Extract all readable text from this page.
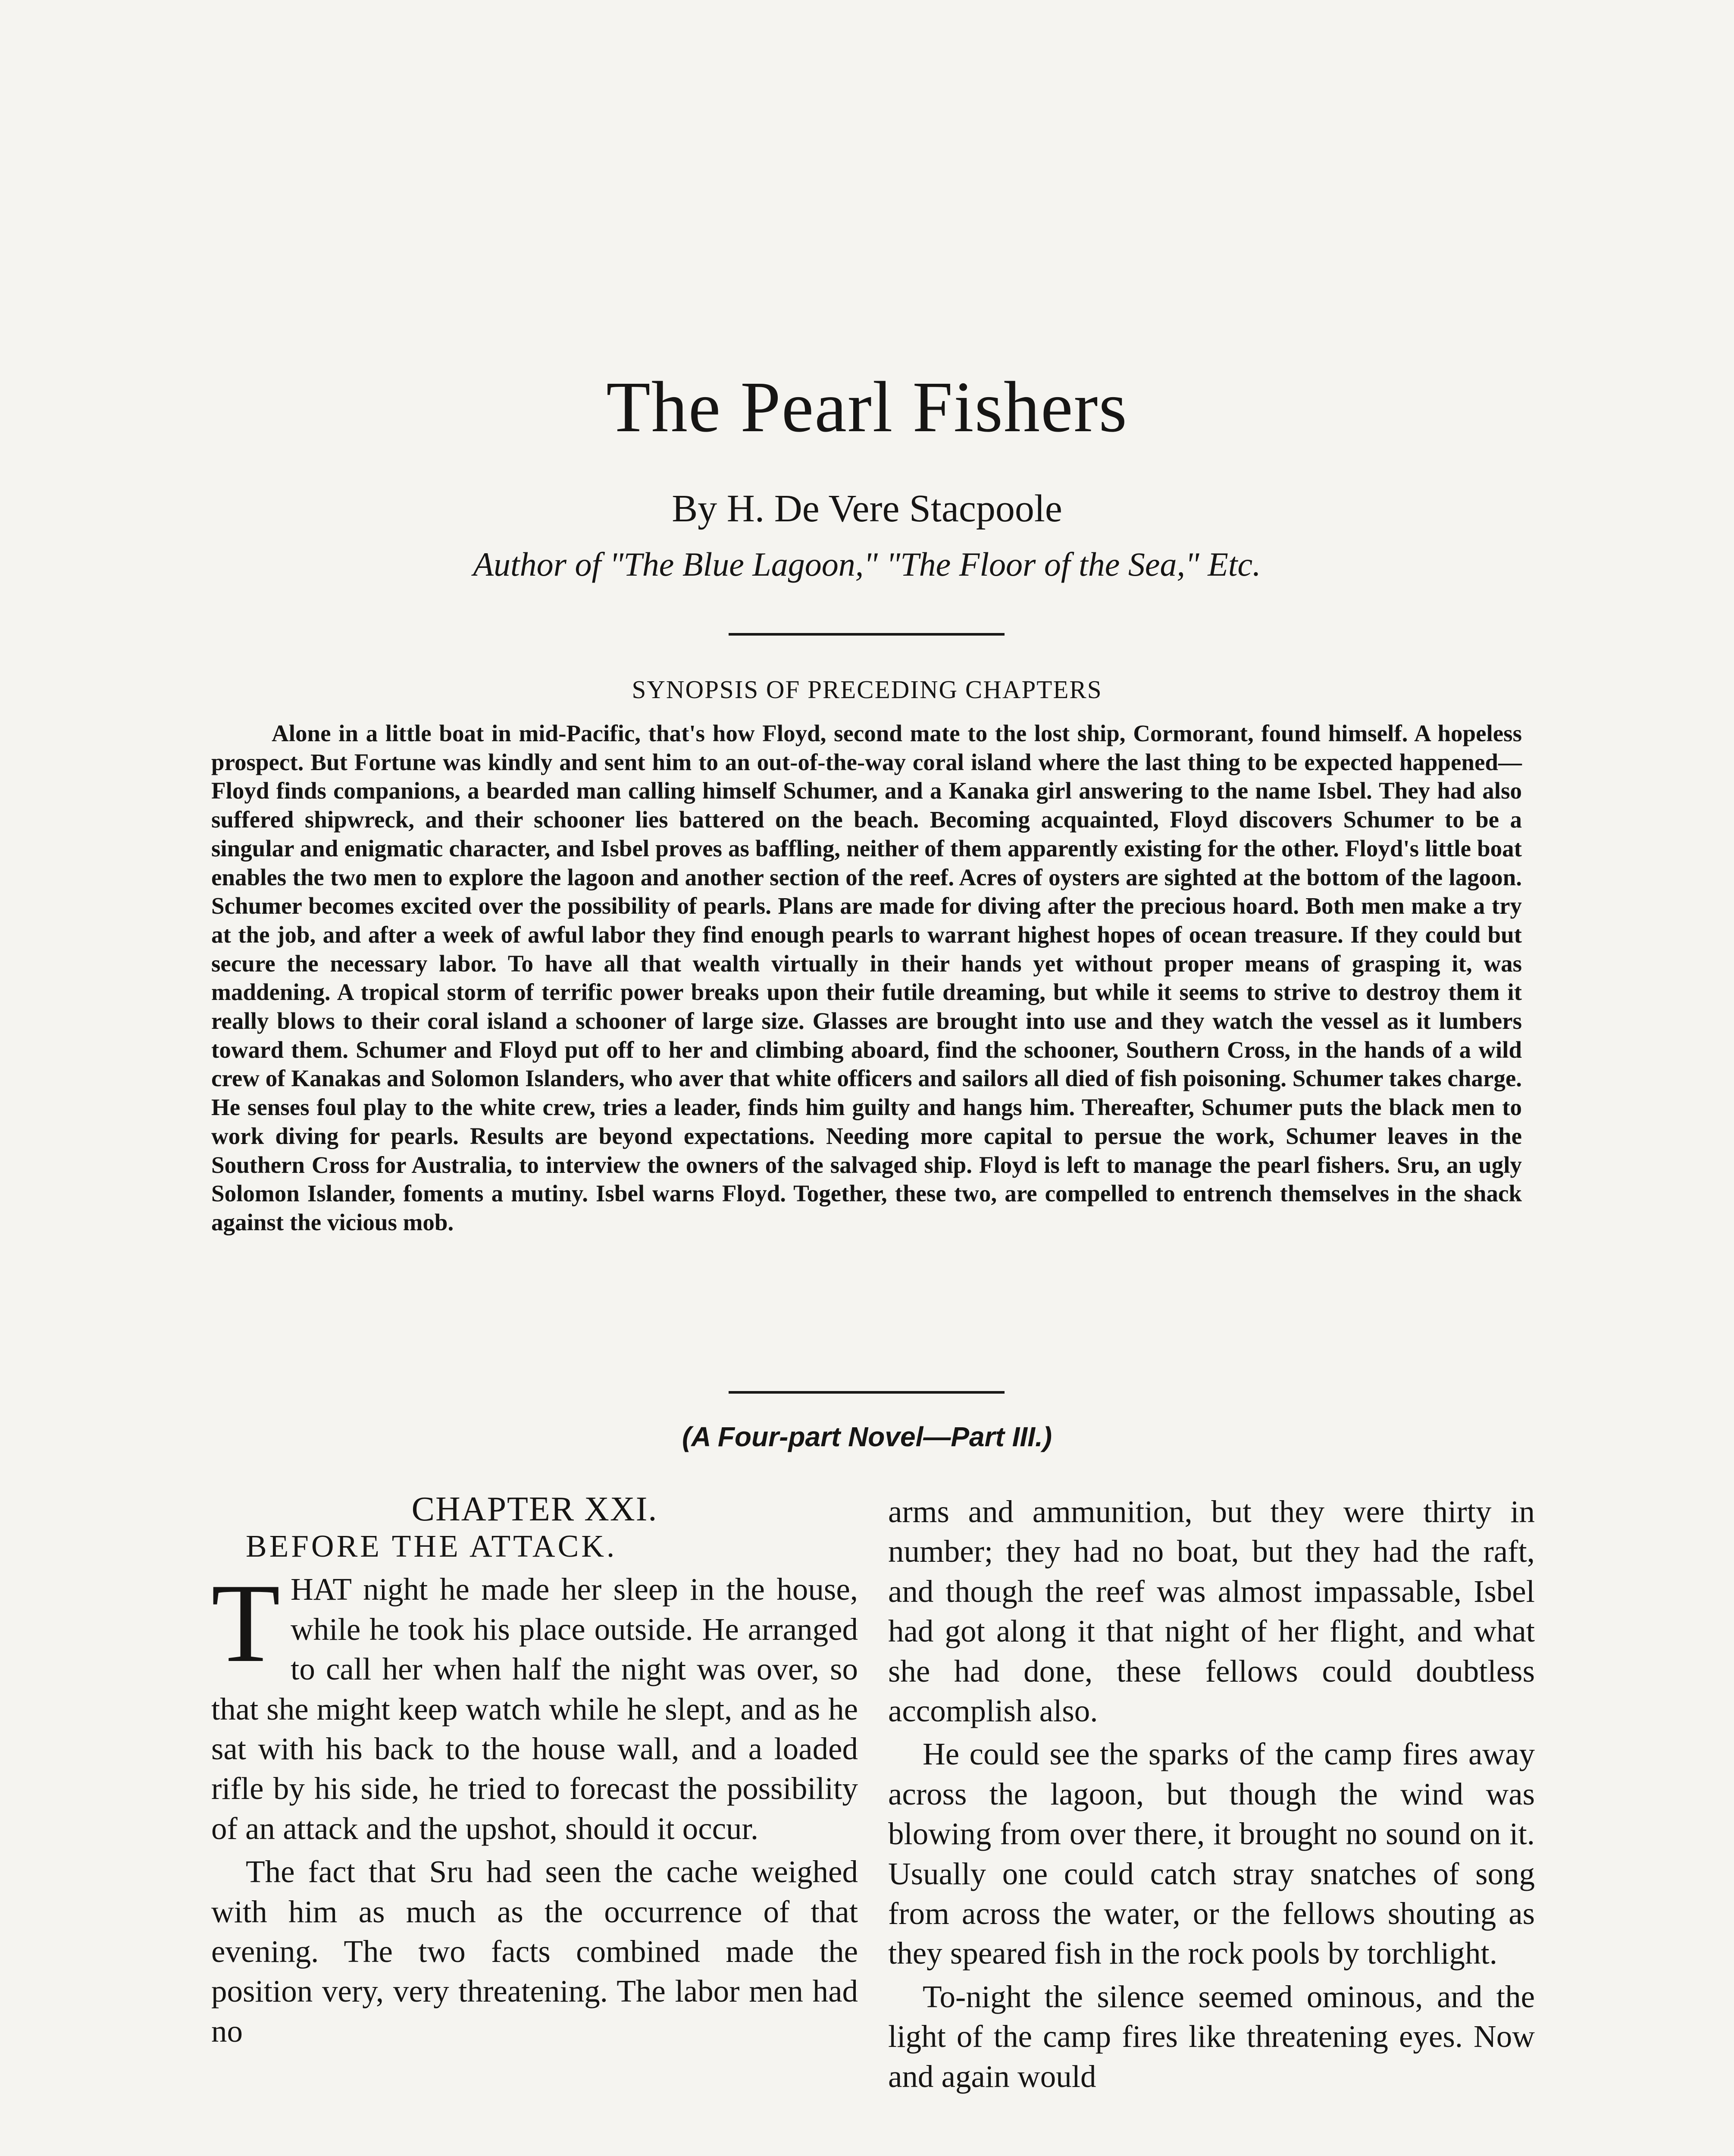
The Pearl Fishers

By H. De Vere Stacpoole

Author of "The Blue Lagoon," "The Floor of the Sea," Etc.

SYNOPSIS OF PRECEDING CHAPTERS

Alone in a little boat in mid-Pacific, that's how Floyd, second mate to the lost ship, Cormorant, found himself. A hopeless prospect. But Fortune was kindly and sent him to an out-of-the-way coral island where the last thing to be expected happened—Floyd finds companions, a bearded man calling himself Schumer, and a Kanaka girl answering to the name Isbel. They had also suffered shipwreck, and their schooner lies battered on the beach. Becoming acquainted, Floyd discovers Schumer to be a singular and enigmatic character, and Isbel proves as baffling, neither of them apparently existing for the other. Floyd's little boat enables the two men to explore the lagoon and another section of the reef. Acres of oysters are sighted at the bottom of the lagoon. Schumer becomes excited over the possibility of pearls. Plans are made for diving after the precious hoard. Both men make a try at the job, and after a week of awful labor they find enough pearls to warrant highest hopes of ocean treasure. If they could but secure the necessary labor. To have all that wealth virtually in their hands yet without proper means of grasping it, was maddening. A tropical storm of terrific power breaks upon their futile dreaming, but while it seems to strive to destroy them it really blows to their coral island a schooner of large size. Glasses are brought into use and they watch the vessel as it lumbers toward them. Schumer and Floyd put off to her and climbing aboard, find the schooner, Southern Cross, in the hands of a wild crew of Kanakas and Solomon Islanders, who aver that white officers and sailors all died of fish poisoning. Schumer takes charge. He senses foul play to the white crew, tries a leader, finds him guilty and hangs him. Thereafter, Schumer puts the black men to work diving for pearls. Results are beyond expectations. Needing more capital to persue the work, Schumer leaves in the Southern Cross for Australia, to interview the owners of the salvaged ship. Floyd is left to manage the pearl fishers. Sru, an ugly Solomon Islander, foments a mutiny. Isbel warns Floyd. Together, these two, are compelled to entrench themselves in the shack against the vicious mob.

(A Four-part Novel—Part III.)

CHAPTER XXI.

BEFORE THE ATTACK.

THAT night he made her sleep in the house, while he took his place outside. He arranged to call her when half the night was over, so that she might keep watch while he slept, and as he sat with his back to the house wall, and a loaded rifle by his side, he tried to forecast the possibility of an attack and the upshot, should it occur.

The fact that Sru had seen the cache weighed with him as much as the occurrence of that evening. The two facts combined made the position very, very threatening. The labor men had no

arms and ammunition, but they were thirty in number; they had no boat, but they had the raft, and though the reef was almost impassable, Isbel had got along it that night of her flight, and what she had done, these fellows could doubtless accomplish also.

He could see the sparks of the camp fires away across the lagoon, but though the wind was blowing from over there, it brought no sound on it. Usually one could catch stray snatches of song from across the water, or the fellows shouting as they speared fish in the rock pools by torchlight.

To-night the silence seemed ominous, and the light of the camp fires like threatening eyes. Now and again would
